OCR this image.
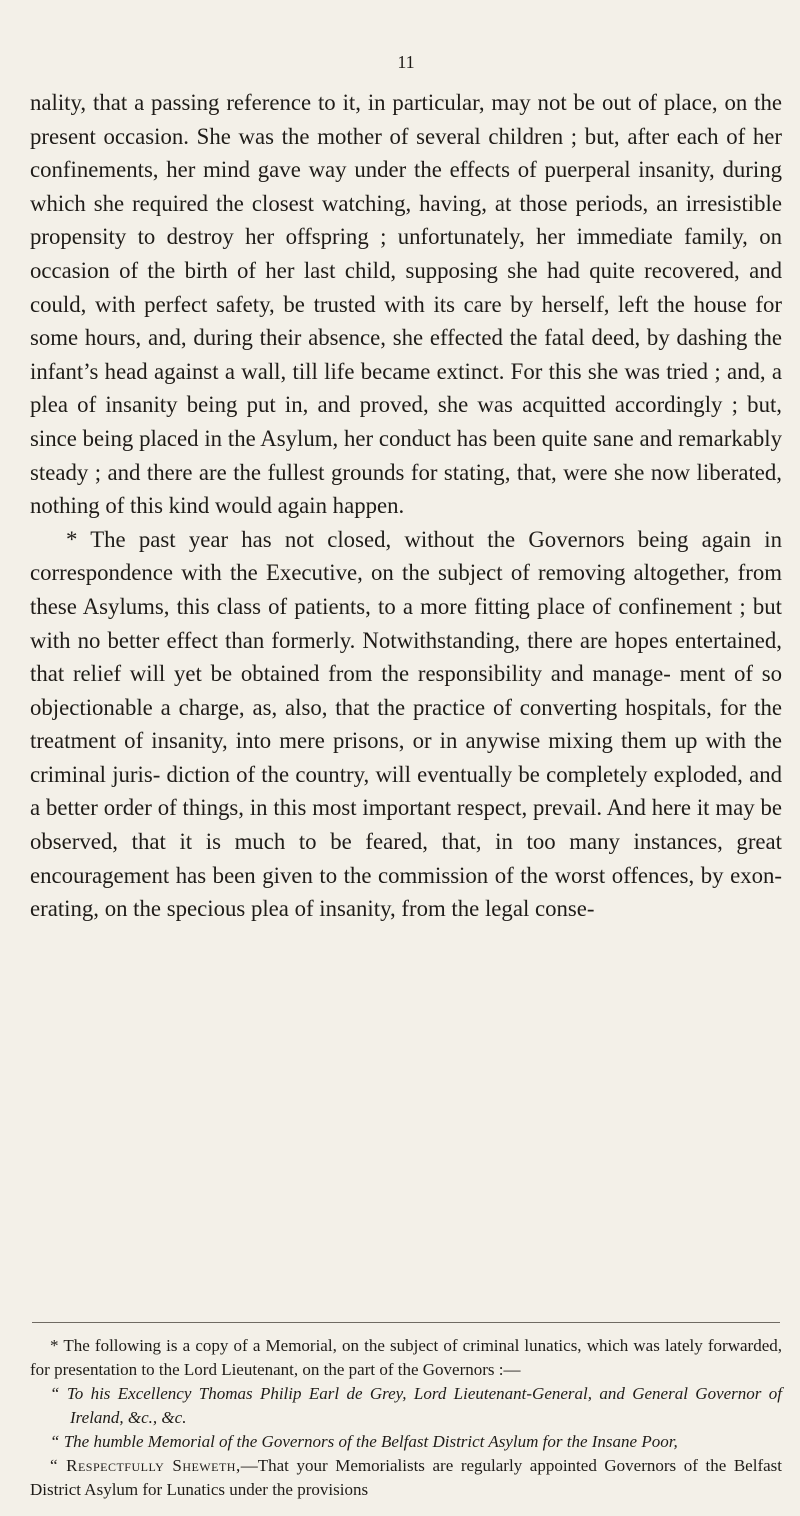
11

nality, that a passing reference to it, in particular, may not be out of place, on the present occasion. She was the mother of several children ; but, after each of her confinements, her mind gave way under the effects of puerperal insanity, during which she required the closest watching, having, at those periods, an irresistible propensity to destroy her offspring ; unfortunately, her immediate family, on occasion of the birth of her last child, supposing she had quite recovered, and could, with perfect safety, be trusted with its care by herself, left the house for some hours, and, during their absence, she effected the fatal deed, by dashing the infant’s head against a wall, till life became extinct. For this she was tried ; and, a plea of insanity being put in, and proved, she was acquitted accordingly ; but, since being placed in the Asylum, her conduct has been quite sane and remarkably steady ; and there are the fullest grounds for stating, that, were she now liberated, nothing of this kind would again happen.

* The past year has not closed, without the Governors being again in correspondence with the Executive, on the subject of removing altogether, from these Asylums, this class of patients, to a more fitting place of confinement ; but with no better effect than formerly. Notwithstanding, there are hopes entertained, that relief will yet be obtained from the responsibility and manage- ment of so objectionable a charge, as, also, that the practice of converting hospitals, for the treatment of insanity, into mere prisons, or in anywise mixing them up with the criminal juris- diction of the country, will eventually be completely exploded, and a better order of things, in this most important respect, prevail. And here it may be observed, that it is much to be feared, that, in too many instances, great encouragement has been given to the commission of the worst offences, by exon- erating, on the specious plea of insanity, from the legal conse-

* The following is a copy of a Memorial, on the subject of criminal lunatics, which was lately forwarded, for presentation to the Lord Lieutenant, on the part of the Governors :—

“ To his Excellency Thomas Philip Earl de Grey, Lord Lieutenant-General, and General Governor of Ireland, &c., &c.

“ The humble Memorial of the Governors of the Belfast District Asylum for the Insane Poor,

“ Respectfully Sheweth,—That your Memorialists are regularly appointed Governors of the Belfast District Asylum for Lunatics under the provisions
